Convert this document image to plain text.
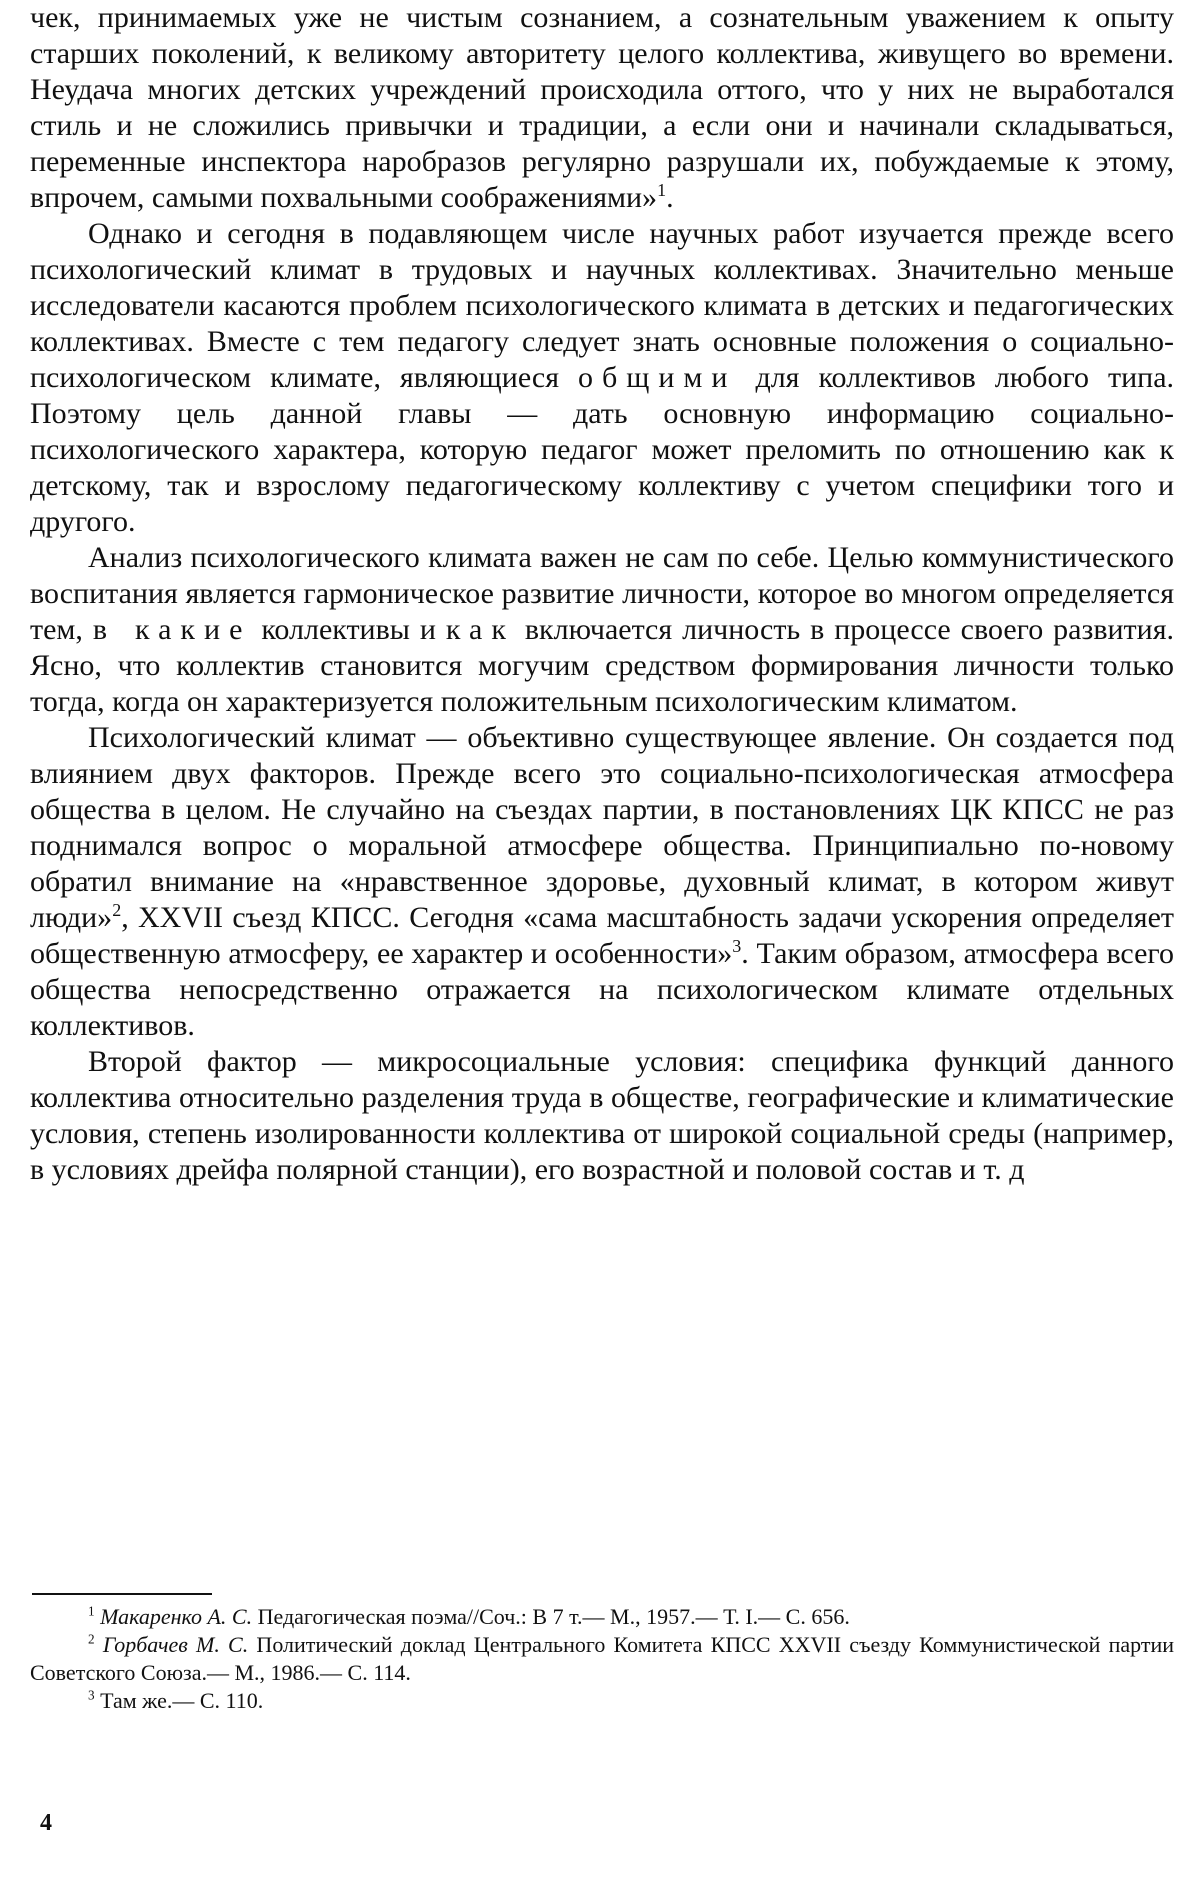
чек, принимаемых уже не чистым сознанием, а сознательным уважением к опыту старших поколений, к великому авторитету целого коллектива, живущего во времени. Неудача многих детских учреждений происходила оттого, что у них не выработался стиль и не сложились привычки и традиции, а если они и начинали складываться, переменные инспектора наробразов регулярно разрушали их, побуждаемые к этому, впрочем, самыми похвальными соображениями»$^1$.

Однако и сегодня в подавляющем числе научных работ изучается прежде всего психологический климат в трудовых и научных коллективах. Значительно меньше исследователи касаются проблем психологического климата в детских и педагогических коллективах. Вместе с тем педагогу следует знать основные положения о социально-психологическом климате, являющиеся общими для коллективов любого типа. Поэтому цель данной главы — дать основную информацию социально-психологического характера, которую педагог может преломить по отношению как к детскому, так и взрослому педагогическому коллективу с учетом специфики того и другого.

Анализ психологического климата важен не сам по себе. Целью коммунистического воспитания является гармоническое развитие личности, которое во многом определяется тем, в какие коллективы и как включается личность в процессе своего развития. Ясно, что коллектив становится могучим средством формирования личности только тогда, когда он характеризуется положительным психологическим климатом.

Психологический климат — объективно существующее явление. Он создается под влиянием двух факторов. Прежде всего это социально-психологическая атмосфера общества в целом. Не случайно на съездах партии, в постановлениях ЦК КПСС не раз поднимался вопрос о моральной атмосфере общества. Принципиально по-новому обратил внимание на «нравственное здоровье, духовный климат, в котором живут люди»$^2$, XXVII съезд КПСС. Сегодня «сама масштабность задачи ускорения определяет общественную атмосферу, ее характер и особенности»$^3$. Таким образом, атмосфера всего общества непосредственно отражается на психологическом климате отдельных коллективов.

Второй фактор — микросоциальные условия: специфика функций данного коллектива относительно разделения труда в обществе, географические и климатические условия, степень изолированности коллектива от широкой социальной среды (например, в условиях дрейфа полярной станции), его возрастной и половой состав и т. д

$^1$ Макаренко А. С. Педагогическая поэма//Соч.: В 7 т.— М., 1957.— Т. I.— С. 656.

$^2$ Горбачев М. С. Политический доклад Центрального Комитета КПСС XXVII съезду Коммунистической партии Советского Союза.— М., 1986.— С. 114.

$^3$ Там же.— С. 110.

4
